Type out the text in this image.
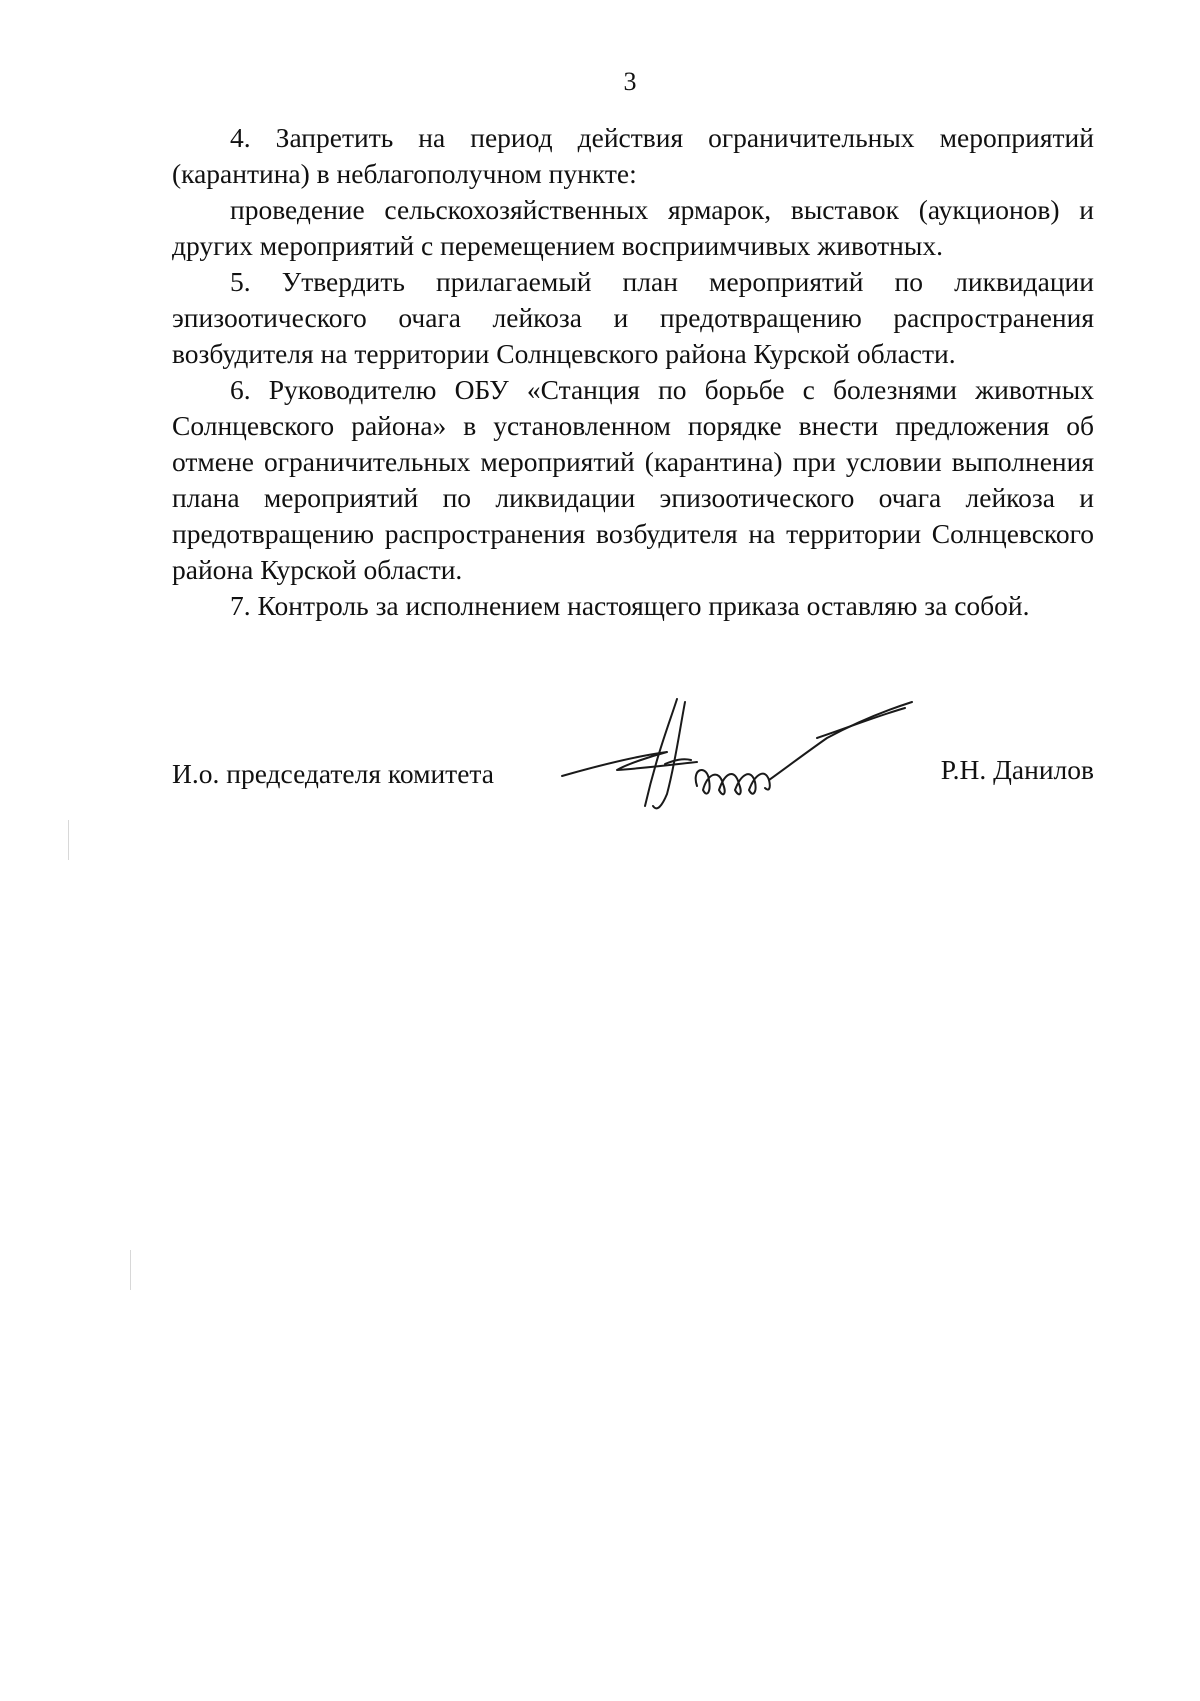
3

4. Запретить на период действия ограничительных мероприятий (карантина) в неблагополучном пункте:

проведение сельскохозяйственных ярмарок, выставок (аукционов) и других мероприятий с перемещением восприимчивых животных.

5. Утвердить прилагаемый план мероприятий по ликвидации эпизоотического очага лейкоза и предотвращению распространения возбудителя на территории Солнцевского района Курской области.

6. Руководителю ОБУ «Станция по борьбе с болезнями животных Солнцевского района» в установленном порядке внести предложения об отмене ограничительных мероприятий (карантина) при условии выполнения плана мероприятий по ликвидации эпизоотического очага лейкоза и предотвращению распространения возбудителя на территории Солнцевского района Курской области.

7. Контроль за исполнением настоящего приказа оставляю за собой.

И.о. председателя комитета	Р.Н. Данилов
